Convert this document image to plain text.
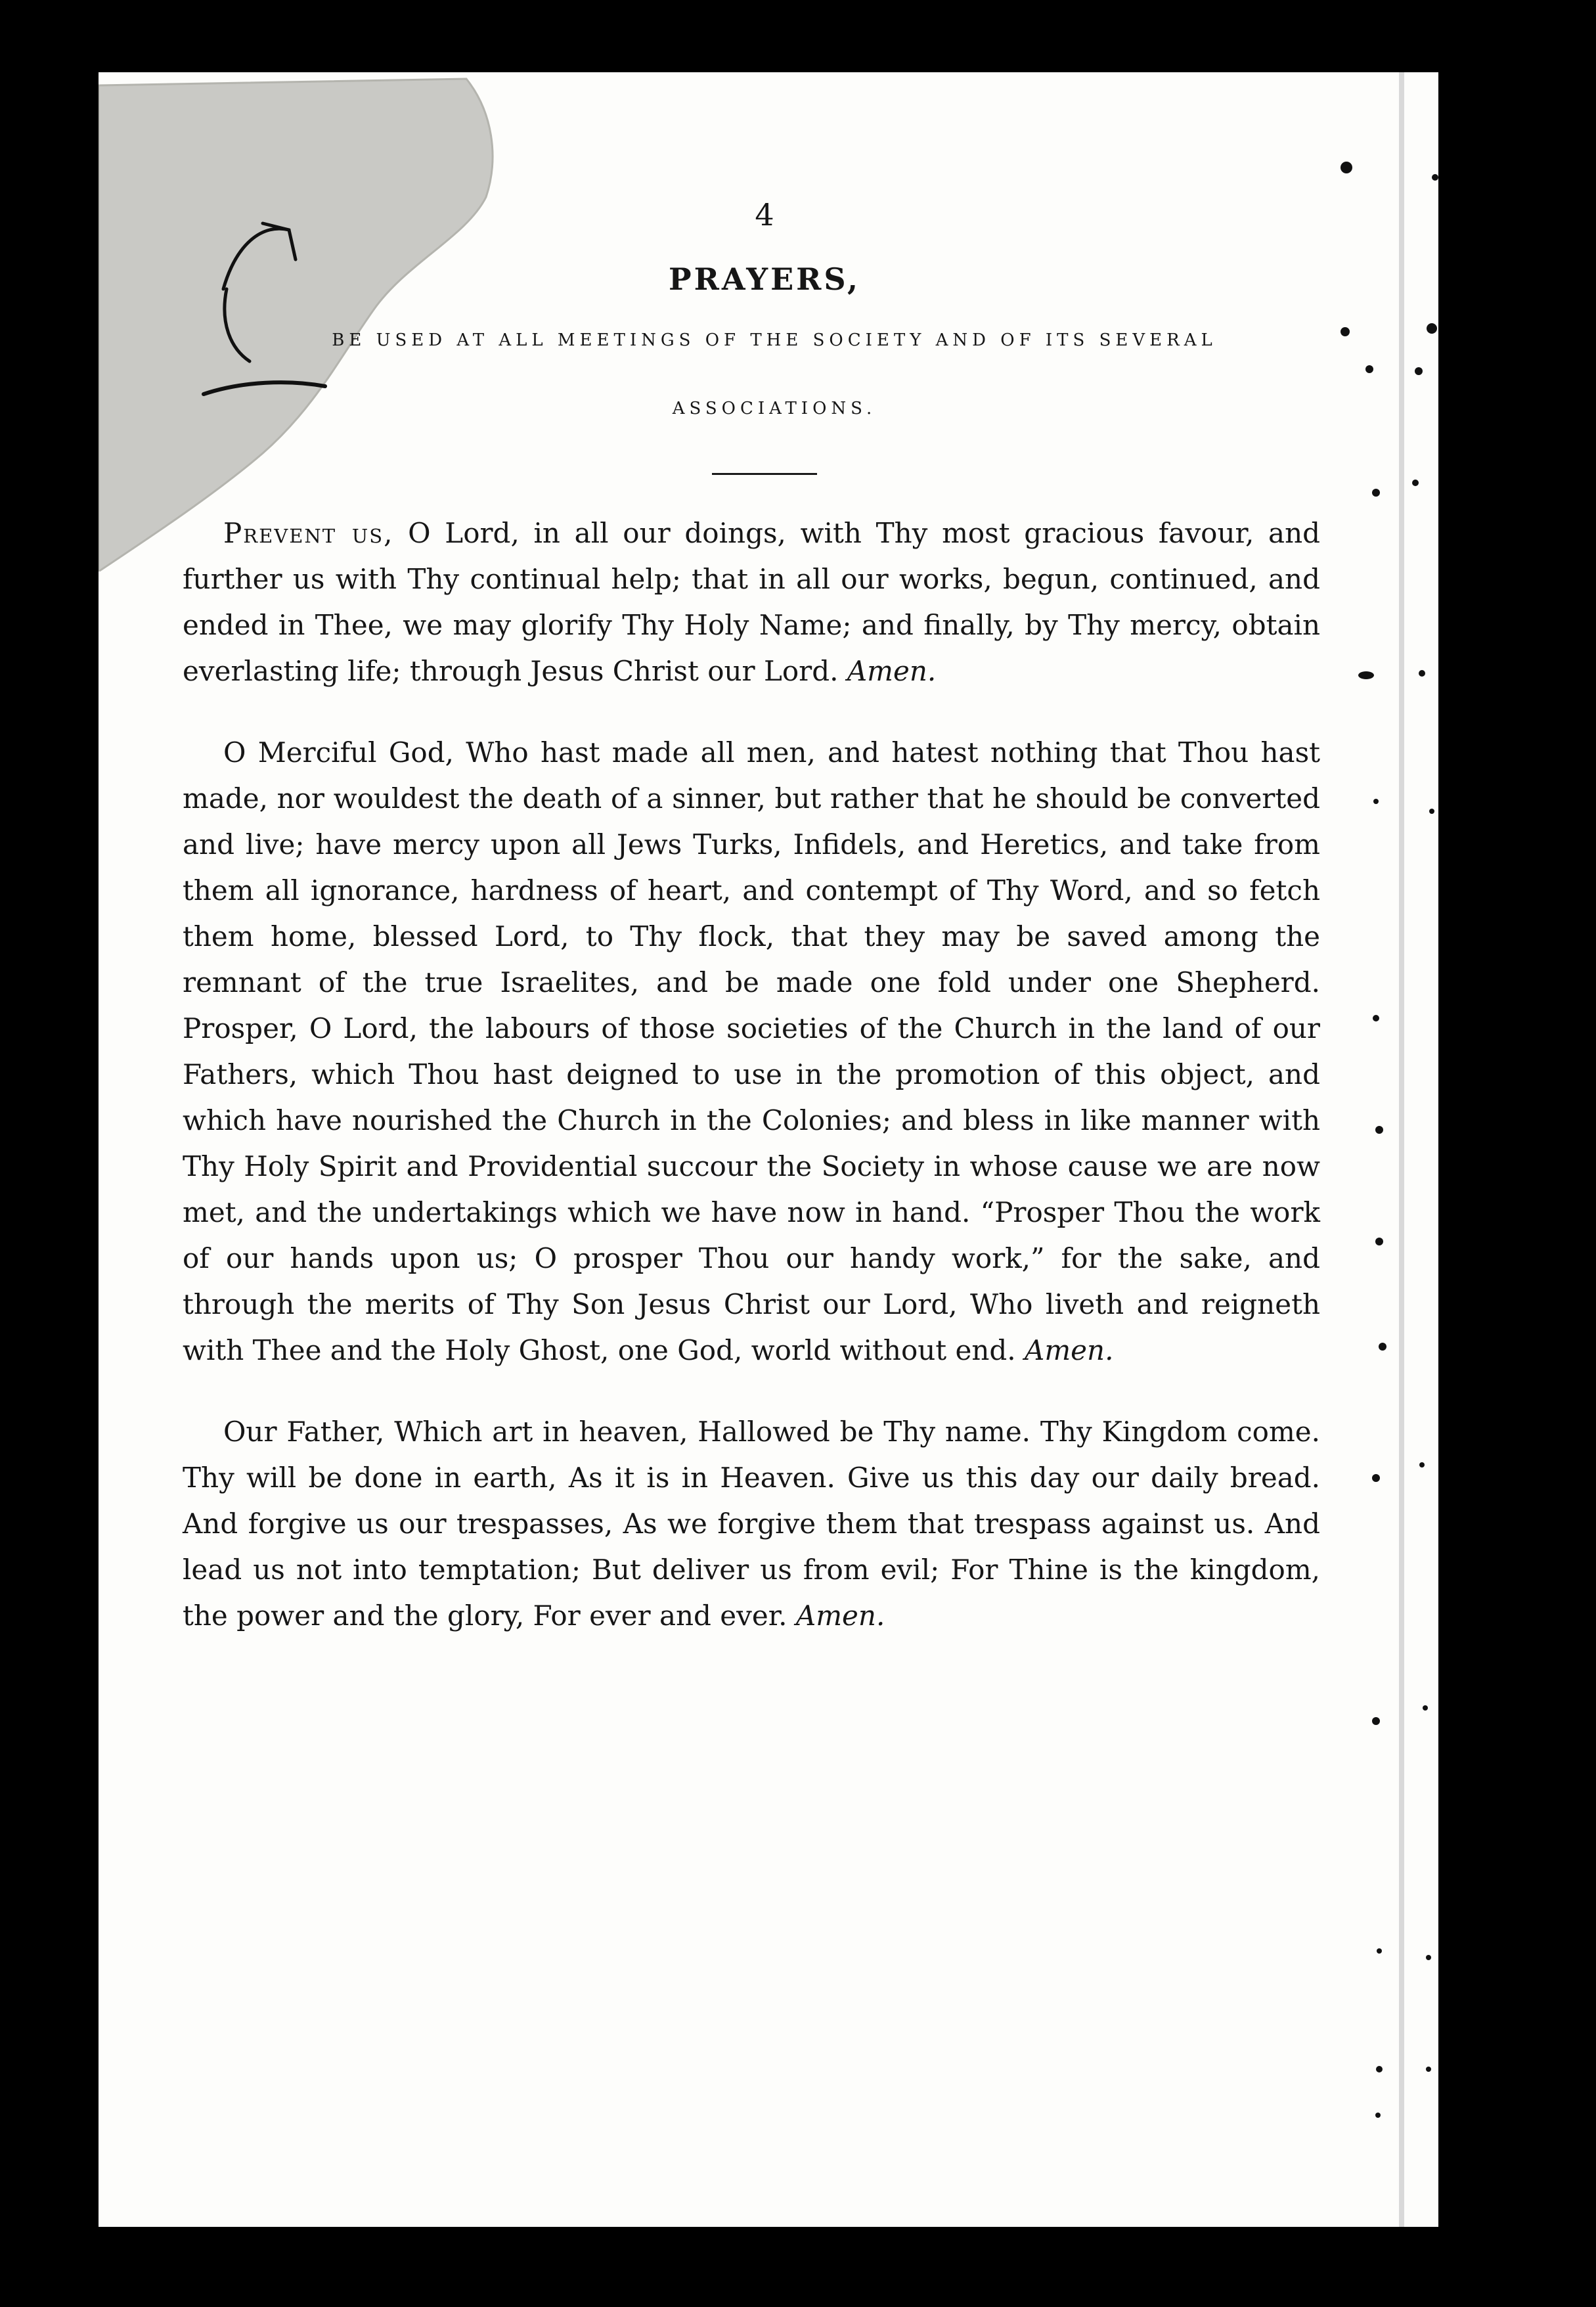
4

PRAYERS,

BE USED AT ALL MEETINGS OF THE SOCIETY AND OF ITS SEVERAL ASSOCIATIONS.

Prevent us, O Lord, in all our doings, with Thy most gracious favour, and further us with Thy continual help; that in all our works, begun, continued, and ended in Thee, we may glorify Thy Holy Name; and finally, by Thy mercy, obtain everlasting life; through Jesus Christ our Lord. Amen.

O Merciful God, Who hast made all men, and hatest nothing that Thou hast made, nor wouldest the death of a sinner, but rather that he should be converted and live; have mercy upon all Jews Turks, Infidels, and Heretics, and take from them all ignorance, hardness of heart, and contempt of Thy Word, and so fetch them home, blessed Lord, to Thy flock, that they may be saved among the remnant of the true Israelites, and be made one fold under one Shepherd. Prosper, O Lord, the labours of those societies of the Church in the land of our Fathers, which Thou hast deigned to use in the promotion of this object, and which have nourished the Church in the Colonies; and bless in like manner with Thy Holy Spirit and Providential succour the Society in whose cause we are now met, and the undertakings which we have now in hand. “Prosper Thou the work of our hands upon us; O prosper Thou our handy work,” for the sake, and through the merits of Thy Son Jesus Christ our Lord, Who liveth and reigneth with Thee and the Holy Ghost, one God, world without end. Amen.

Our Father, Which art in heaven, Hallowed be Thy name. Thy Kingdom come. Thy will be done in earth, As it is in Heaven. Give us this day our daily bread. And forgive us our trespasses, As we forgive them that trespass against us. And lead us not into temptation; But deliver us from evil; For Thine is the kingdom, the power and the glory, For ever and ever. Amen.
